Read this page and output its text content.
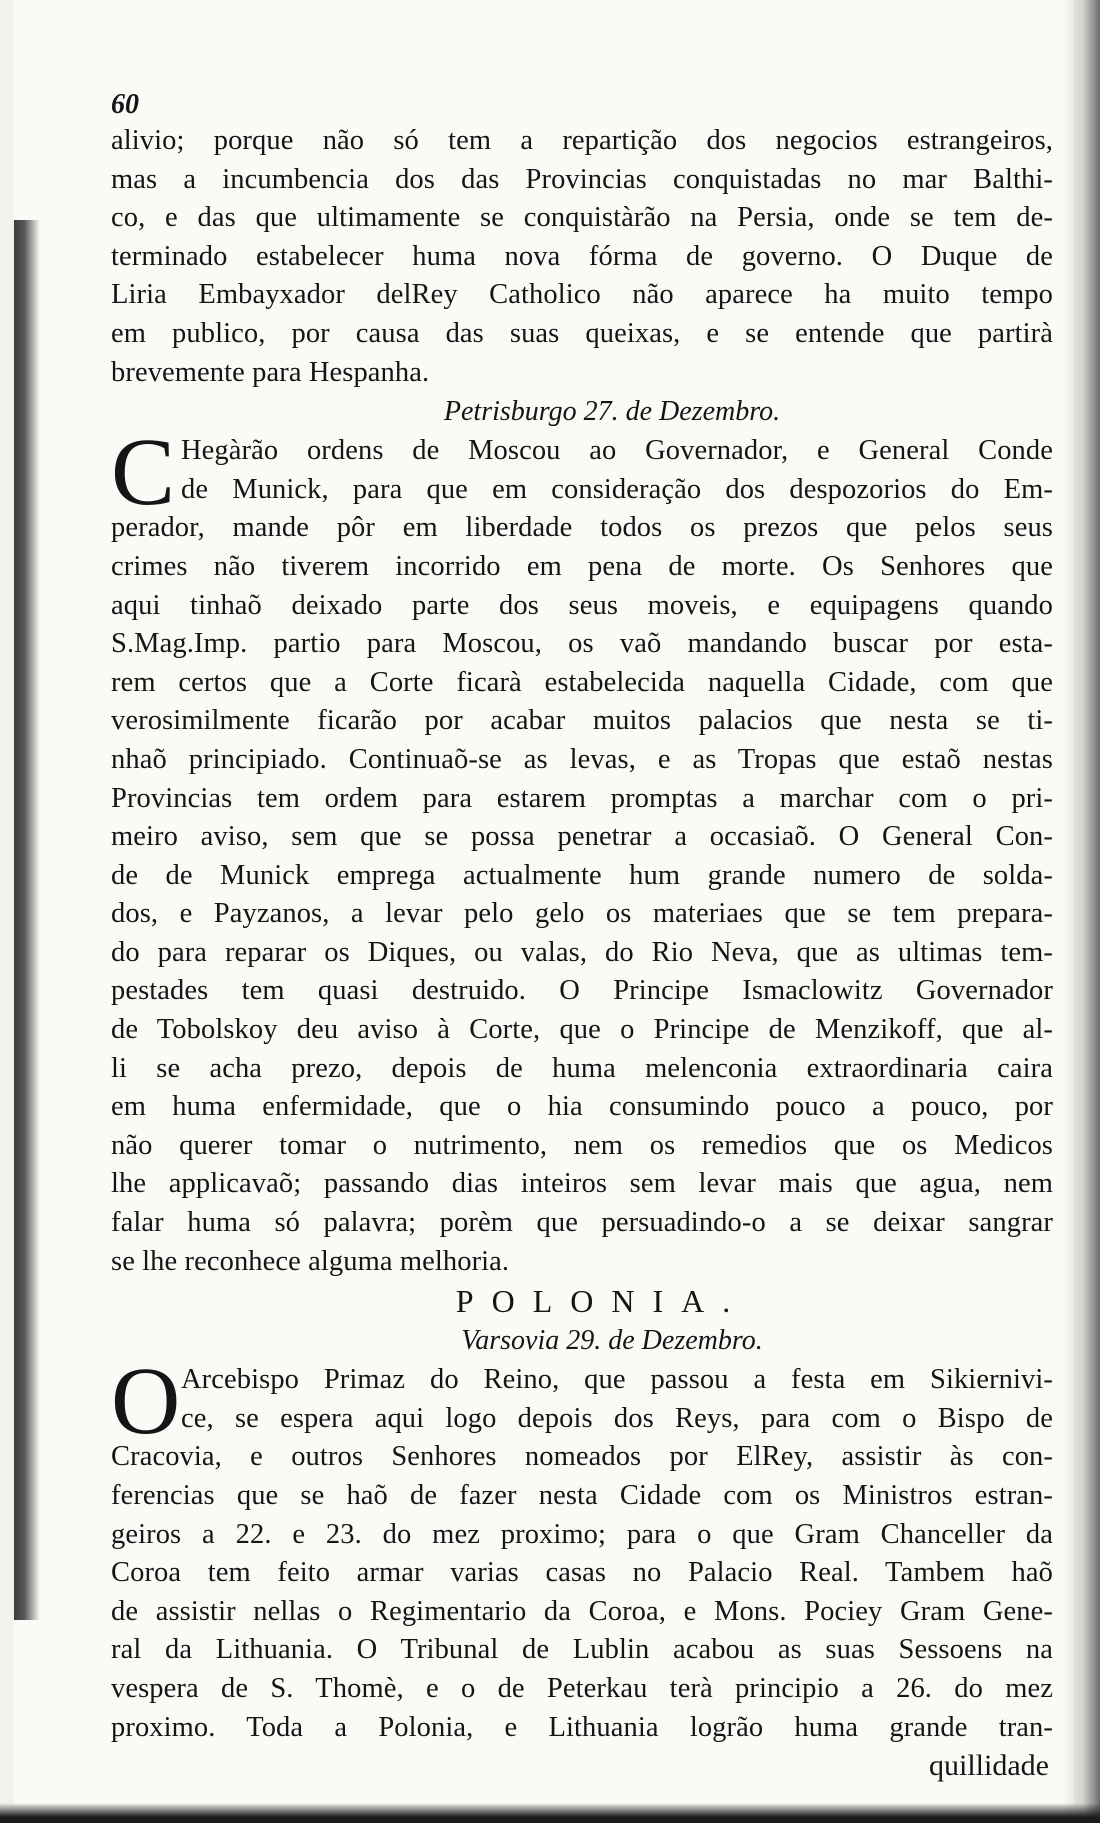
60
alivio; porque não só tem a repartição dos negocios estrangeiros,
mas a incumbencia dos das Provincias conquistadas no mar Balthi-
co, e das que ultimamente se conquistàrão na Persia, onde se tem de-
terminado estabelecer huma nova fórma de governo. O Duque de
Liria Embayxador delRey Catholico não aparece ha muito tempo
em publico, por causa das suas queixas, e se entende que partirà
brevemente para Hespanha.
Petrisburgo 27. de Dezembro.
C Hegàrão ordens de Moscou ao Governador, e General Conde
de Munick, para que em consideração dos despozorios do Em-
perador, mande pôr em liberdade todos os prezos que pelos seus
crimes não tiverem incorrido em pena de morte. Os Senhores que
aqui tinhaõ deixado parte dos seus moveis, e equipagens quando
S.Mag.Imp. partio para Moscou, os vaõ mandando buscar por esta-
rem certos que a Corte ficarà estabelecida naquella Cidade, com que
verosimilmente ficarão por acabar muitos palacios que nesta se ti-
nhaõ principiado. Continuaõ-se as levas, e as Tropas que estaõ nestas
Provincias tem ordem para estarem promptas a marchar com o pri-
meiro aviso, sem que se possa penetrar a occasiaõ. O General Con-
de de Munick emprega actualmente hum grande numero de solda-
dos, e Payzanos, a levar pelo gelo os materiaes que se tem prepara-
do para reparar os Diques, ou valas, do Rio Neva, que as ultimas tem-
pestades tem quasi destruido. O Principe Ismaclowitz Governador
de Tobolskoy deu aviso à Corte, que o Principe de Menzikoff, que al-
li se acha prezo, depois de huma melenconia extraordinaria caira
em huma enfermidade, que o hia consumindo pouco a pouco, por
não querer tomar o nutrimento, nem os remedios que os Medicos
lhe applicavaõ; passando dias inteiros sem levar mais que agua, nem
falar huma só palavra; porèm que persuadindo-o a se deixar sangrar
se lhe reconhece alguma melhoria.
POLONIA.
Varsovia 29. de Dezembro.
O Arcebispo Primaz do Reino, que passou a festa em Sikiernivi-
ce, se espera aqui logo depois dos Reys, para com o Bispo de
Cracovia, e outros Senhores nomeados por ElRey, assistir às con-
ferencias que se haõ de fazer nesta Cidade com os Ministros estran-
geiros a 22. e 23. do mez proximo; para o que Gram Chanceller da
Coroa tem feito armar varias casas no Palacio Real. Tambem haõ
de assistir nellas o Regimentario da Coroa, e Mons. Pociey Gram Gene-
ral da Lithuania. O Tribunal de Lublin acabou as suas Sessoens na
vespera de S. Thomè, e o de Peterkau terà principio a 26. do mez
proximo. Toda a Polonia, e Lithuania logrão huma grande tran-
quillidade
